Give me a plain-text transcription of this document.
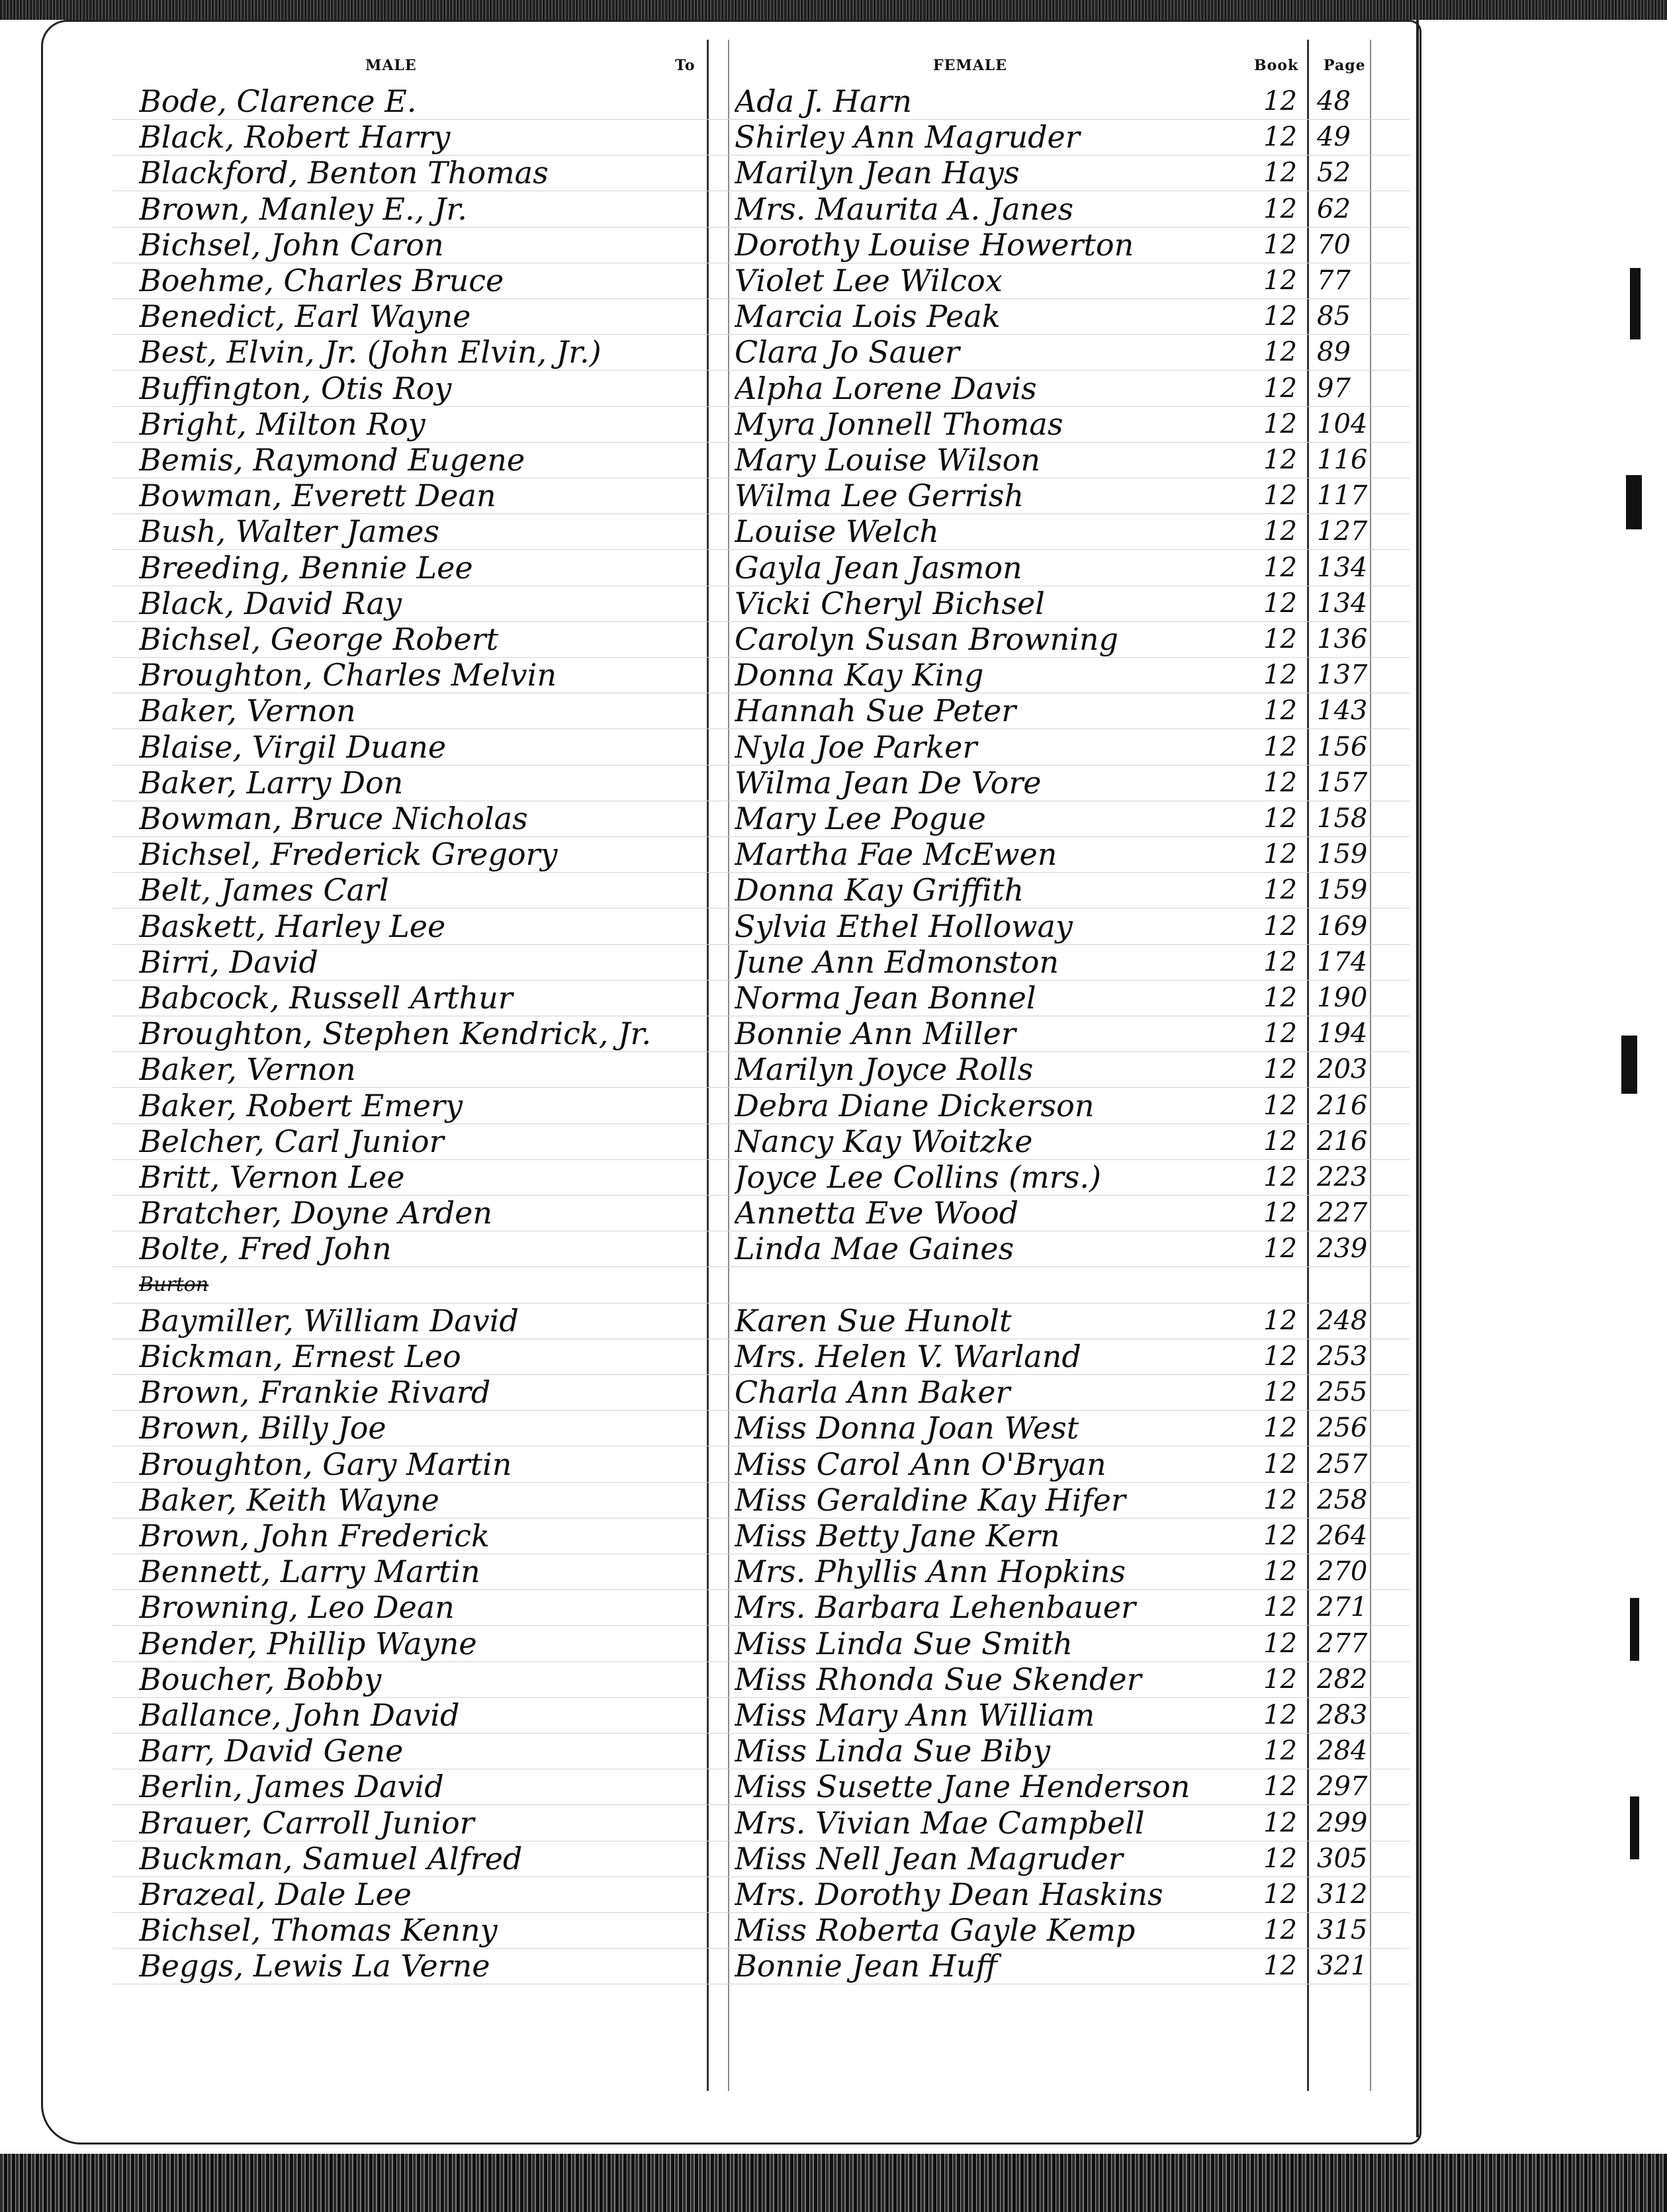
MALE	To	FEMALE	Book Page
Bode, Clarence E.	Ada J. Harn	12 48
Black, Robert Harry	Shirley Ann Magruder	12 49
Blackford, Benton Thomas	Marilyn Jean Hays	12 52
Brown, Manley E., Jr.	Mrs. Maurita A. Janes	12 62
Bichsel, John Caron	Dorothy Louise Howerton	12 70
Boehme, Charles Bruce	Violet Lee Wilcox	12 77
Benedict, Earl Wayne	Marcia Lois Peak	12 85
Best, Elvin, Jr. (John Elvin, Jr.)	Clara Jo Sauer	12 89
Buffington, Otis Roy	Alpha Lorene Davis	12 97
Bright, Milton Roy	Myra Jonnell Thomas	12 104
Bemis, Raymond Eugene	Mary Louise Wilson	12 116
Bowman, Everett Dean	Wilma Lee Gerrish	12 117
Bush, Walter James	Louise Welch	12 127
Breeding, Bennie Lee	Gayla Jean Jasmon	12 134
Black, David Ray	Vicki Cheryl Bichsel	12 134
Bichsel, George Robert	Carolyn Susan Browning	12 136
Broughton, Charles Melvin	Donna Kay King	12 137
Baker, Vernon	Hannah Sue Peter	12 143
Blaise, Virgil Duane	Nyla Joe Parker	12 156
Baker, Larry Don	Wilma Jean De Vore	12 157
Bowman, Bruce Nicholas	Mary Lee Pogue	12 158
Bichsel, Frederick Gregory	Martha Fae McEwen	12 159
Belt, James Carl	Donna Kay Griffith	12 159
Baskett, Harley Lee	Sylvia Ethel Holloway	12 169
Birri, David	June Ann Edmonston	12 174
Babcock, Russell Arthur	Norma Jean Bonnel	12 190
Broughton, Stephen Kendrick, Jr.	Bonnie Ann Miller	12 194
Baker, Vernon	Marilyn Joyce Rolls	12 203
Baker, Robert Emery	Debra Diane Dickerson	12 216
Belcher, Carl Junior	Nancy Kay Woitzke	12 216
Britt, Vernon Lee	Joyce Lee Collins (mrs.)	12 223
Bratcher, Doyne Arden	Annetta Eve Wood	12 227
Bolte, Fred John	Linda Mae Gaines	12 239
Burton
Baymiller, William David	Karen Sue Hunolt	12 248
Bickman, Ernest Leo	Mrs. Helen V. Warland	12 253
Brown, Frankie Rivard	Charla Ann Baker	12 255
Brown, Billy Joe	Miss Donna Joan West	12 256
Broughton, Gary Martin	Miss Carol Ann O'Bryan	12 257
Baker, Keith Wayne	Miss Geraldine Kay Hifer	12 258
Brown, John Frederick	Miss Betty Jane Kern	12 264
Bennett, Larry Martin	Mrs. Phyllis Ann Hopkins	12 270
Browning, Leo Dean	Mrs. Barbara Lehenbauer	12 271
Bender, Phillip Wayne	Miss Linda Sue Smith	12 277
Boucher, Bobby	Miss Rhonda Sue Skender	12 282
Ballance, John David	Miss Mary Ann William	12 283
Barr, David Gene	Miss Linda Sue Biby	12 284
Berlin, James David	Miss Susette Jane Henderson	12 297
Brauer, Carroll Junior	Mrs. Vivian Mae Campbell	12 299
Buckman, Samuel Alfred	Miss Nell Jean Magruder	12 305
Brazeal, Dale Lee	Mrs. Dorothy Dean Haskins	12 312
Bichsel, Thomas Kenny	Miss Roberta Gayle Kemp	12 315
Beggs, Lewis La Verne	Bonnie Jean Huff	12 321
